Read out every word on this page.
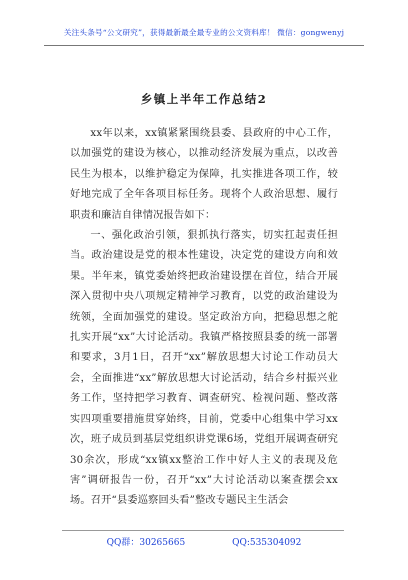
关注头条号“公文研究”，获得最新最全最专业的公文资料库！ 微信：gongwenyj
乡镇上半年工作总结2

xx年以来，xx镇紧紧围绕县委、县政府的中心工作，以加强党的建设为核心，以推动经济发展为重点，以改善民生为根本，以维护稳定为保障，扎实推进各项工作，较好地完成了全年各项目标任务。现将个人政治思想、履行职责和廉洁自律情况报告如下：

一、强化政治引领，狠抓执行落实，切实扛起责任担当。政治建设是党的根本性建设，决定党的建设方向和效果。半年来，镇党委始终把政治建设摆在首位，结合开展深入贯彻中央八项规定精神学习教育，以党的政治建设为统领，全面加强党的建设。坚定政治方向，把稳思想之舵扎实开展“xx”大讨论活动。我镇严格按照县委的统一部署和要求，3月1日，召开“xx”解放思想大讨论工作动员大会，全面推进“xx”解放思想大讨论活动，结合乡村振兴业务工作，坚持把学习教育、调查研究、检视问题、整改落实四项重要措施贯穿始终，目前，党委中心组集中学习xx次，班子成员到基层党组织讲党课6场，党组开展调查研究30余次，形成“xx镇xx整治工作中好人主义的表现及危害”调研报告一份，召开“xx”大讨论活动以案查摆会xx场。召开“县委巡察回头看”整改专题民主生活会

QQ群：30265665	QQ:535304092
